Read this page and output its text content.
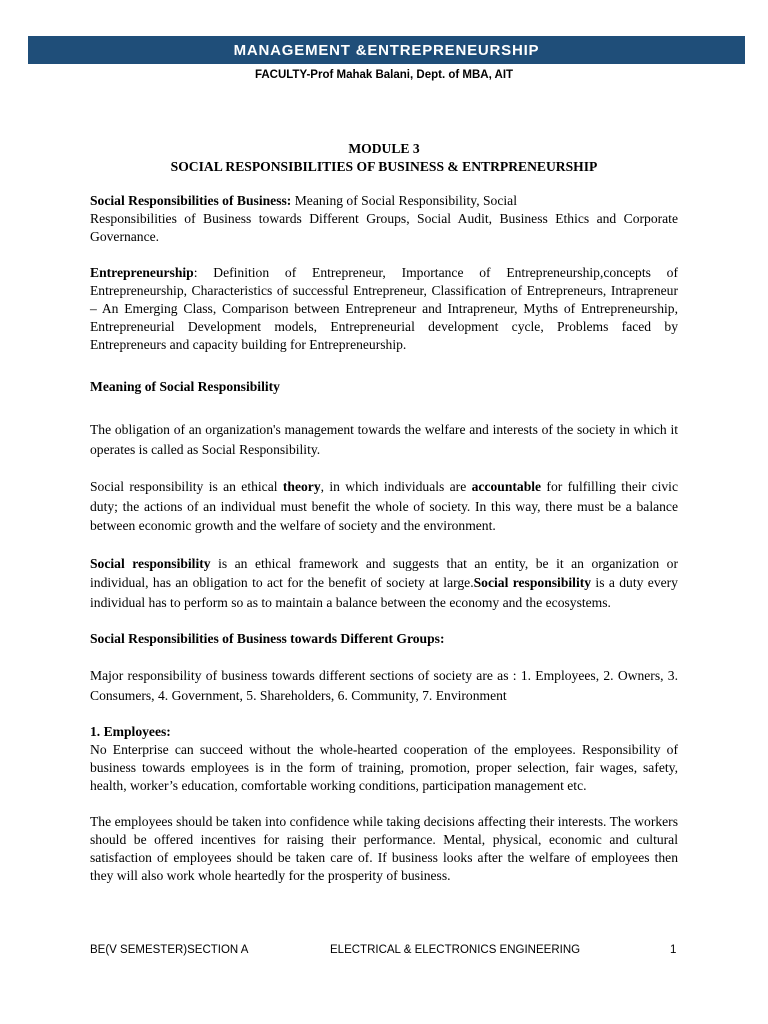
MANAGEMENT &ENTREPRENEURSHIP
FACULTY-Prof Mahak Balani, Dept. of MBA, AIT

MODULE 3

SOCIAL RESPONSIBILITIES OF BUSINESS & ENTRPRENEURSHIP

Social Responsibilities of Business: Meaning of Social Responsibility, Social
Responsibilities of Business towards Different Groups, Social Audit, Business Ethics and Corporate Governance.

Entrepreneurship: Definition of Entrepreneur, Importance of Entrepreneurship,concepts of Entrepreneurship, Characteristics of successful Entrepreneur, Classification of Entrepreneurs, Intrapreneur – An Emerging Class, Comparison between Entrepreneur and Intrapreneur, Myths of Entrepreneurship, Entrepreneurial Development models, Entrepreneurial development cycle, Problems faced by Entrepreneurs and capacity building for Entrepreneurship.

Meaning of Social Responsibility

The obligation of an organization's management towards the welfare and interests of the society in which it operates is called as Social Responsibility.

Social responsibility is an ethical theory, in which individuals are accountable for fulfilling their civic duty; the actions of an individual must benefit the whole of society. In this way, there must be a balance between economic growth and the welfare of society and the environment.

Social responsibility is an ethical framework and suggests that an entity, be it an organization or individual, has an obligation to act for the benefit of society at large.Social responsibility is a duty every individual has to perform so as to maintain a balance between the economy and the ecosystems.

Social Responsibilities of Business towards Different Groups:

Major responsibility of business towards different sections of society are as : 1. Employees, 2. Owners, 3. Consumers, 4. Government, 5. Shareholders, 6. Community, 7. Environment

1. Employees:

No Enterprise can succeed without the whole-hearted cooperation of the employees. Responsibility of business towards employees is in the form of training, promotion, proper selection, fair wages, safety, health, worker’s education, comfortable working conditions, participation management etc.

The employees should be taken into confidence while taking decisions affecting their interests. The workers should be offered incentives for raising their performance. Mental, physical, economic and cultural satisfaction of employees should be taken care of. If business looks after the welfare of employees then they will also work whole heartedly for the prosperity of business.

BE(V SEMESTER)SECTION A	ELECTRICAL & ELECTRONICS ENGINEERING	1
